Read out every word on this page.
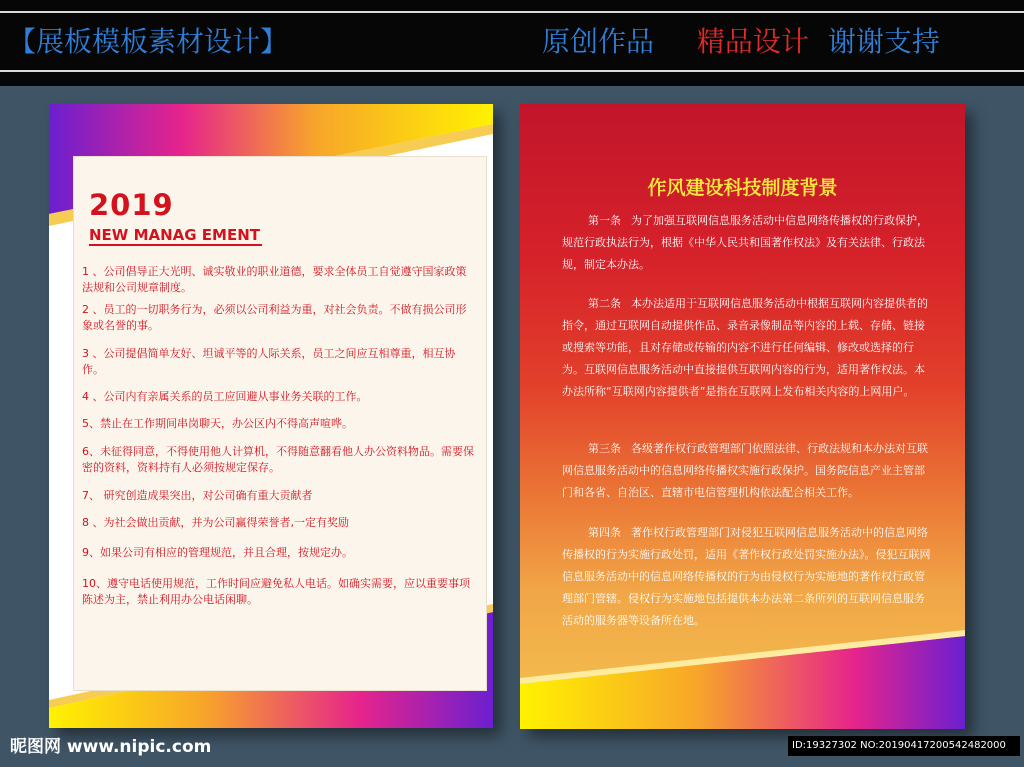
【展板模板素材设计】	原创作品 精品设计 谢谢支持
2019
NEW MANAG EMENT
1 、公司倡导正大光明、诚实敬业的职业道德，要求全体员工自觉遵守国家政策法规和公司规章制度。
2 、员工的一切职务行为，必须以公司利益为重，对社会负责。不做有损公司形象或名誉的事。
3 、公司提倡简单友好、坦诚平等的人际关系，员工之间应互相尊重，相互协作。
4 、公司内有亲属关系的员工应回避从事业务关联的工作。
5、禁止在工作期间串岗聊天，办公区内不得高声喧哗。
6、未征得同意，不得使用他人计算机，不得随意翻看他人办公资料物品。需要保密的资料，资料持有人必须按规定保存。
7、 研究创造成果突出，对公司确有重大贡献者
8 、为社会做出贡献，并为公司赢得荣誉者,一定有奖励
9、如果公司有相应的管理规范，并且合理，按规定办。
10、遵守电话使用规范，工作时间应避免私人电话。如确实需要，应以重要事项陈述为主，禁止利用办公电话闲聊。
作风建设科技制度背景
第一条 为了加强互联网信息服务活动中信息网络传播权的行政保护，规范行政执法行为，根据《中华人民共和国著作权法》及有关法律、行政法规，制定本办法。
第二条 本办法适用于互联网信息服务活动中根据互联网内容提供者的指令，通过互联网自动提供作品、录音录像制品等内容的上载、存储、链接或搜索等功能，且对存储或传输的内容不进行任何编辑、修改或选择的行为。互联网信息服务活动中直接提供互联网内容的行为，适用著作权法。本办法所称“互联网内容提供者”是指在互联网上发布相关内容的上网用户。
第三条 各级著作权行政管理部门依照法律、行政法规和本办法对互联网信息服务活动中的信息网络传播权实施行政保护。国务院信息产业主管部门和各省、自治区、直辖市电信管理机构依法配合相关工作。
第四条 著作权行政管理部门对侵犯互联网信息服务活动中的信息网络传播权的行为实施行政处罚，适用《著作权行政处罚实施办法》。侵犯互联网信息服务活动中的信息网络传播权的行为由侵权行为实施地的著作权行政管理部门管辖。侵权行为实施地包括提供本办法第二条所列的互联网信息服务活动的服务器等设备所在地。
昵图网 www.nipic.com	ID:19327302 NO:20190417200542482000
